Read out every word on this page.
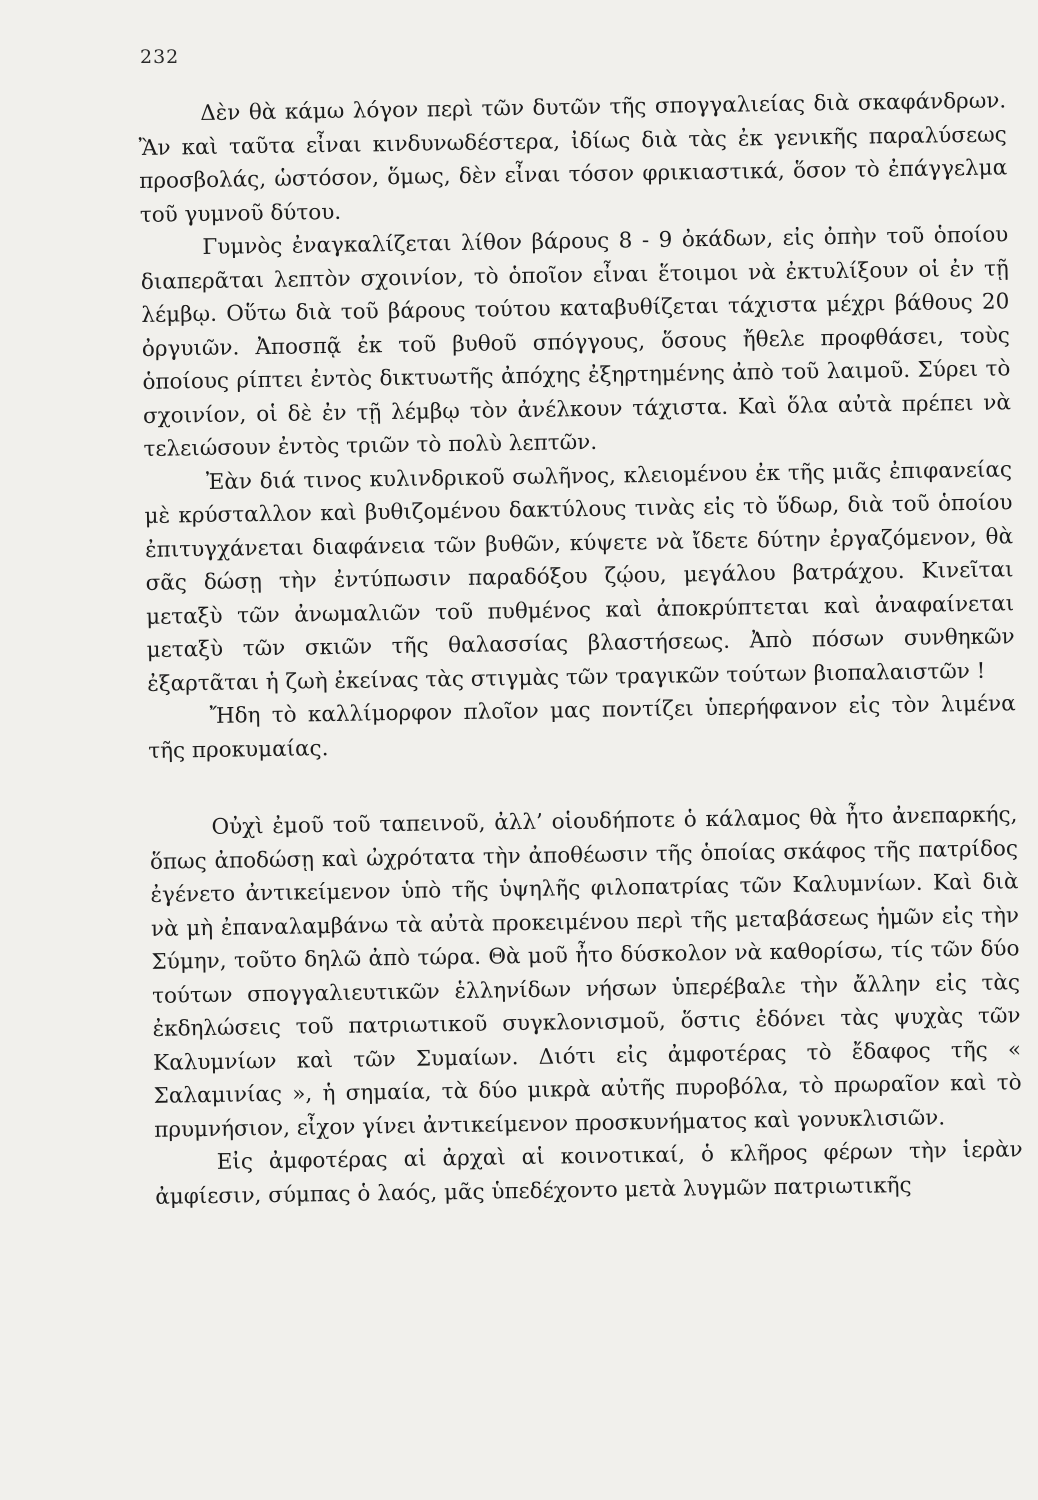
232

Δὲν θὰ κάμω λόγον περὶ τῶν δυτῶν τῆς σπογγαλιείας διὰ σκαφάνδρων. Ἂν καὶ ταῦτα εἶναι κινδυνωδέστερα, ἰδίως διὰ τὰς ἐκ γενικῆς παραλύσεως προσβολάς, ὡστόσον, ὅμως, δὲν εἶναι τόσον φρικιαστικά, ὅσον τὸ ἐπάγγελμα τοῦ γυμνοῦ δύτου.

Γυμνὸς ἐναγκαλίζεται λίθον βάρους 8 - 9 ὀκάδων, εἰς ὀπὴν τοῦ ὁποίου διαπερᾶται λεπτὸν σχοινίον, τὸ ὁποῖον εἶναι ἕτοιμοι νὰ ἐκτυλίξουν οἱ ἐν τῇ λέμβῳ. Οὕτω διὰ τοῦ βάρους τούτου καταβυθίζεται τάχιστα μέχρι βάθους 20 ὀργυιῶν. Ἀποσπᾷ ἐκ τοῦ βυθοῦ σπόγγους, ὅσους ἤθελε προφθάσει, τοὺς ὁποίους ρίπτει ἐντὸς δικτυωτῆς ἀπόχης ἐξηρτημένης ἀπὸ τοῦ λαιμοῦ. Σύρει τὸ σχοινίον, οἱ δὲ ἐν τῇ λέμβῳ τὸν ἀνέλκουν τάχιστα. Καὶ ὅλα αὐτὰ πρέπει νὰ τελειώσουν ἐντὸς τριῶν τὸ πολὺ λεπτῶν.

Ἐὰν διά τινος κυλινδρικοῦ σωλῆνος, κλειομένου ἐκ τῆς μιᾶς ἐπιφανείας μὲ κρύσταλλον καὶ βυθιζομένου δακτύλους τινὰς εἰς τὸ ὕδωρ, διὰ τοῦ ὁποίου ἐπιτυγχάνεται διαφάνεια τῶν βυθῶν, κύψετε νὰ ἴδετε δύτην ἐργαζόμενον, θὰ σᾶς δώσῃ τὴν ἐντύπωσιν παραδόξου ζῴου, μεγάλου βατράχου. Κινεῖται μεταξὺ τῶν ἀνωμαλιῶν τοῦ πυθμένος καὶ ἀποκρύπτεται καὶ ἀναφαίνεται μεταξὺ τῶν σκιῶν τῆς θαλασσίας βλαστήσεως. Ἀπὸ πόσων συνθηκῶν ἐξαρτᾶται ἡ ζωὴ ἐκείνας τὰς στιγμὰς τῶν τραγικῶν τούτων βιοπαλαιστῶν !

Ἤδη τὸ καλλίμορφον πλοῖον μας ποντίζει ὑπερήφανον εἰς τὸν λιμένα τῆς προκυμαίας.

Οὐχὶ ἐμοῦ τοῦ ταπεινοῦ, ἀλλ’ οἱουδήποτε ὁ κάλαμος θὰ ἦτο ἀνεπαρκής, ὅπως ἀποδώσῃ καὶ ὠχρότατα τὴν ἀποθέωσιν τῆς ὁποίας σκάφος τῆς πατρίδος ἐγένετο ἀντικείμενον ὑπὸ τῆς ὑψηλῆς φιλοπατρίας τῶν Καλυμνίων. Καὶ διὰ νὰ μὴ ἐπαναλαμβάνω τὰ αὐτὰ προκειμένου περὶ τῆς μεταβάσεως ἡμῶν εἰς τὴν Σύμην, τοῦτο δηλῶ ἀπὸ τώρα. Θὰ μοῦ ἦτο δύσκολον νὰ καθορίσω, τίς τῶν δύο τούτων σπογγαλιευτικῶν ἑλληνίδων νήσων ὑπερέβαλε τὴν ἄλλην εἰς τὰς ἐκδηλώσεις τοῦ πατριωτικοῦ συγκλονισμοῦ, ὅστις ἐδόνει τὰς ψυχὰς τῶν Καλυμνίων καὶ τῶν Συμαίων. Διότι εἰς ἀμφοτέρας τὸ ἔδαφος τῆς « Σαλαμινίας », ἡ σημαία, τὰ δύο μικρὰ αὐτῆς πυροβόλα, τὸ πρωραῖον καὶ τὸ πρυμνήσιον, εἶχον γίνει ἀντικείμενον προσκυνήματος καὶ γονυκλισιῶν.

Εἰς ἀμφοτέρας αἱ ἀρχαὶ αἱ κοινοτικαί, ὁ κλῆρος φέρων τὴν ἱερὰν ἀμφίεσιν, σύμπας ὁ λαός, μᾶς ὑπεδέχοντο μετὰ λυγμῶν πατριωτικῆς
